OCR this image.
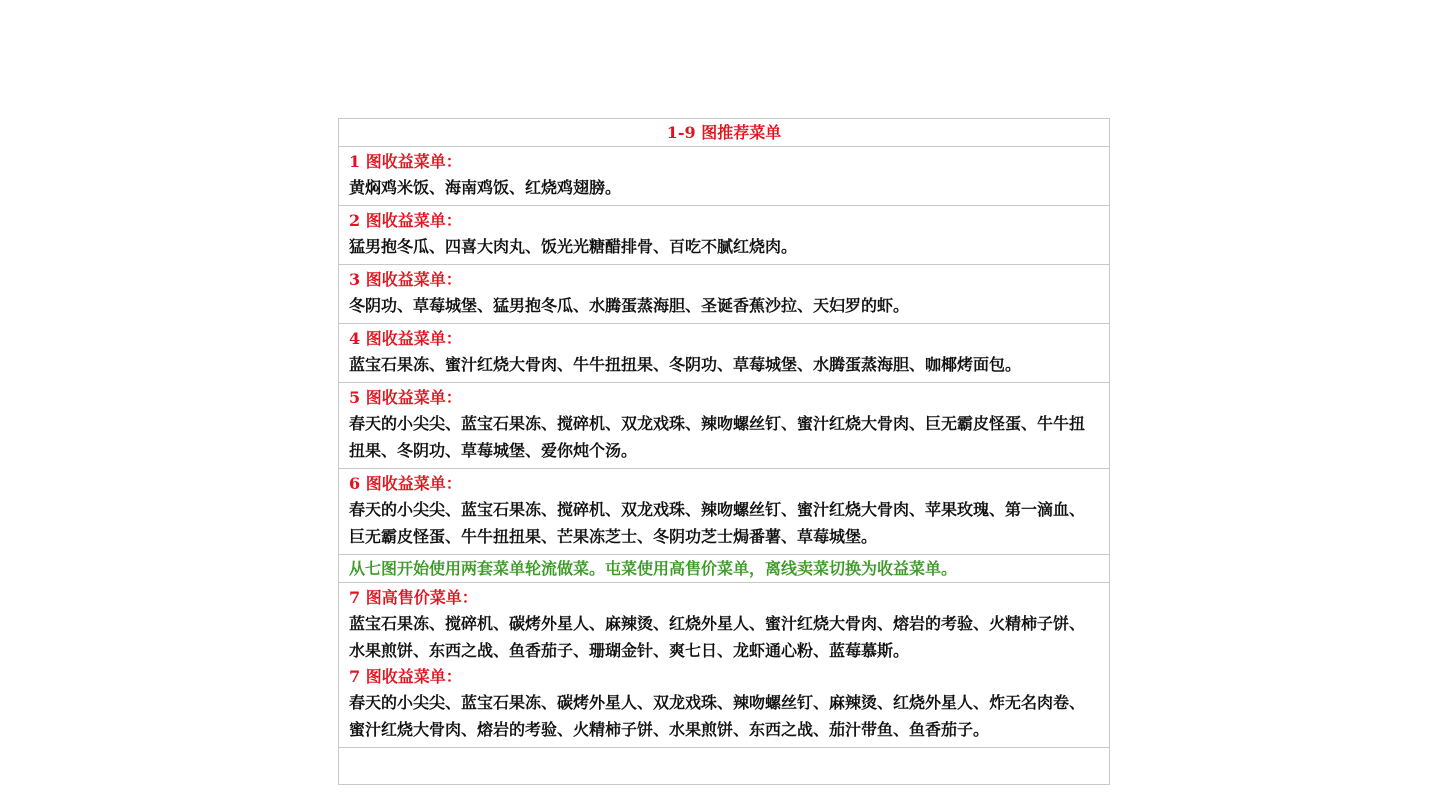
1-9 图推荐菜单
1 图收益菜单：
黄焖鸡米饭、海南鸡饭、红烧鸡翅膀。
2 图收益菜单：
猛男抱冬瓜、四喜大肉丸、饭光光糖醋排骨、百吃不腻红烧肉。
3 图收益菜单：
冬阴功、草莓城堡、猛男抱冬瓜、水腾蛋蒸海胆、圣诞香蕉沙拉、天妇罗的虾。
4 图收益菜单：
蓝宝石果冻、蜜汁红烧大骨肉、牛牛扭扭果、冬阴功、草莓城堡、水腾蛋蒸海胆、咖椰烤面包。
5 图收益菜单：
春天的小尖尖、蓝宝石果冻、搅碎机、双龙戏珠、辣吻螺丝钉、蜜汁红烧大骨肉、巨无霸皮怪蛋、牛牛扭扭果、冬阴功、草莓城堡、爱你炖个汤。
6 图收益菜单：
春天的小尖尖、蓝宝石果冻、搅碎机、双龙戏珠、辣吻螺丝钉、蜜汁红烧大骨肉、苹果玫瑰、第一滴血、巨无霸皮怪蛋、牛牛扭扭果、芒果冻芝士、冬阴功芝士焗番薯、草莓城堡。
从七图开始使用两套菜单轮流做菜。屯菜使用高售价菜单，离线卖菜切换为收益菜单。
7 图高售价菜单：
蓝宝石果冻、搅碎机、碳烤外星人、麻辣烫、红烧外星人、蜜汁红烧大骨肉、熔岩的考验、火精柿子饼、水果煎饼、东西之战、鱼香茄子、珊瑚金针、爽七日、龙虾通心粉、蓝莓慕斯。
7 图收益菜单：
春天的小尖尖、蓝宝石果冻、碳烤外星人、双龙戏珠、辣吻螺丝钉、麻辣烫、红烧外星人、炸无名肉卷、蜜汁红烧大骨肉、熔岩的考验、火精柿子饼、水果煎饼、东西之战、茄汁带鱼、鱼香茄子。
